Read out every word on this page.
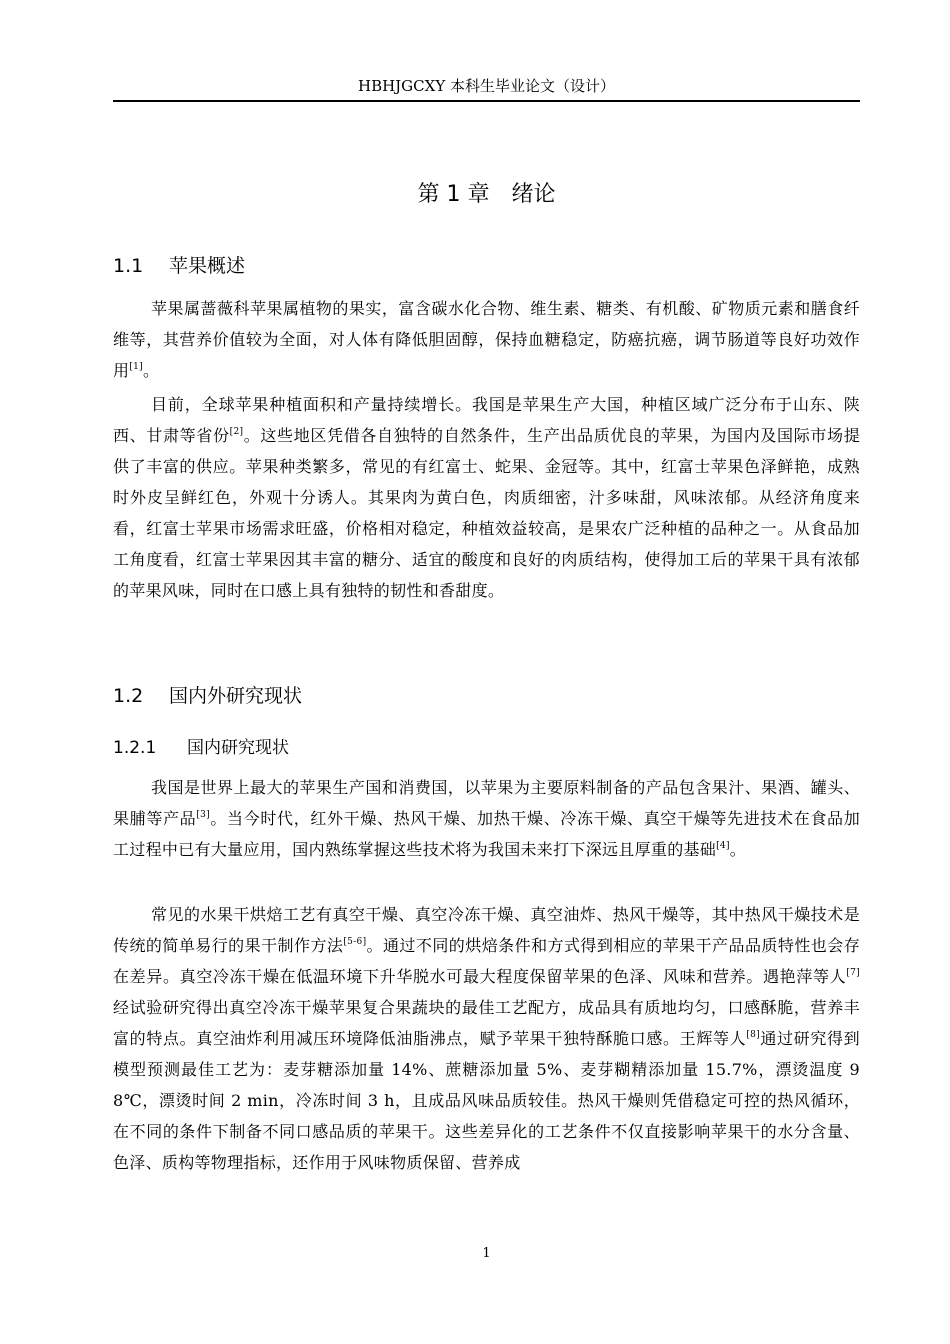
HBHJGCXY 本科生毕业论文（设计）
第 1 章　绪论
1.1 苹果概述

苹果属蔷薇科苹果属植物的果实，富含碳水化合物、维生素、糖类、有机酸、矿物质元素和膳食纤维等，其营养价值较为全面，对人体有降低胆固醇，保持血糖稳定，防癌抗癌，调节肠道等良好功效作用[1]。

目前，全球苹果种植面积和产量持续增长。我国是苹果生产大国，种植区域广泛分布于山东、陕西、甘肃等省份[2]。这些地区凭借各自独特的自然条件，生产出品质优良的苹果，为国内及国际市场提供了丰富的供应。苹果种类繁多，常见的有红富士、蛇果、金冠等。其中，红富士苹果色泽鲜艳，成熟时外皮呈鲜红色，外观十分诱人。其果肉为黄白色，肉质细密，汁多味甜，风味浓郁。从经济角度来看，红富士苹果市场需求旺盛，价格相对稳定，种植效益较高，是果农广泛种植的品种之一。从食品加工角度看，红富士苹果因其丰富的糖分、适宜的酸度和良好的肉质结构，使得加工后的苹果干具有浓郁的苹果风味，同时在口感上具有独特的韧性和香甜度。

1.2 国内外研究现状
1.2.1 国内研究现状

我国是世界上最大的苹果生产国和消费国，以苹果为主要原料制备的产品包含果汁、果酒、罐头、果脯等产品[3]。当今时代，红外干燥、热风干燥、加热干燥、冷冻干燥、真空干燥等先进技术在食品加工过程中已有大量应用，国内熟练掌握这些技术将为我国未来打下深远且厚重的基础[4]。

常见的水果干烘焙工艺有真空干燥、真空冷冻干燥、真空油炸、热风干燥等，其中热风干燥技术是传统的简单易行的果干制作方法[5-6]。通过不同的烘焙条件和方式得到相应的苹果干产品品质特性也会存在差异。真空冷冻干燥在低温环境下升华脱水可最大程度保留苹果的色泽、风味和营养。遇艳萍等人[7]经试验研究得出真空冷冻干燥苹果复合果蔬块的最佳工艺配方，成品具有质地均匀，口感酥脆，营养丰富的特点。真空油炸利用减压环境降低油脂沸点，赋予苹果干独特酥脆口感。王辉等人[8]通过研究得到模型预测最佳工艺为：麦芽糖添加量 14%、蔗糖添加量 5%、麦芽糊精添加量 15.7%，漂烫温度 98℃，漂烫时间 2 min，冷冻时间 3 h，且成品风味品质较佳。热风干燥则凭借稳定可控的热风循环，在不同的条件下制备不同口感品质的苹果干。这些差异化的工艺条件不仅直接影响苹果干的水分含量、色泽、质构等物理指标，还作用于风味物质保留、营养成

1
